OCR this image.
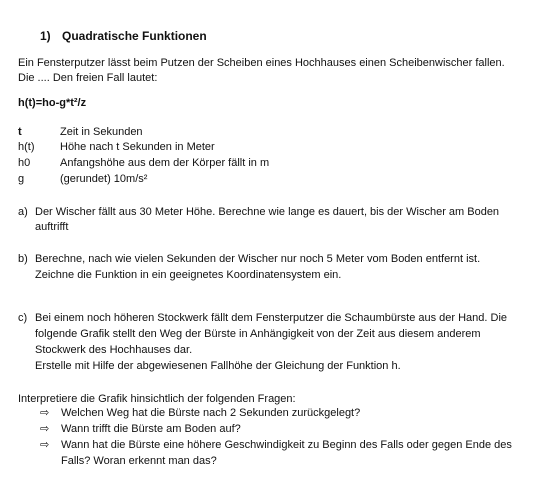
1) Quadratische Funktionen
Ein Fensterputzer lässt beim Putzen der Scheiben eines Hochhauses einen Scheibenwischer fallen.
Die .... Den freien Fall lautet:
h(t)=ho-g*t²/z
t	Zeit in Sekunden
h(t) Höhe nach t Sekunden in Meter
h0	Anfangshöhe aus dem der Körper fällt in m
g	(gerundet) 10m/s²
a) Der Wischer fällt aus 30 Meter Höhe. Berechne wie lange es dauert, bis der Wischer am Boden
auftrifft
b) Berechne, nach wie vielen Sekunden der Wischer nur noch 5 Meter vom Boden entfernt ist.
Zeichne die Funktion in ein geeignetes Koordinatensystem ein.
c) Bei einem noch höheren Stockwerk fällt dem Fensterputzer die Schaumbürste aus der Hand. Die
folgende Grafik stellt den Weg der Bürste in Anhängigkeit von der Zeit aus diesem anderem
Stockwerk des Hochhauses dar.
Erstelle mit Hilfe der abgewiesenen Fallhöhe der Gleichung der Funktion h.
Interpretiere die Grafik hinsichtlich der folgenden Fragen:
⇨ Welchen Weg hat die Bürste nach 2 Sekunden zurückgelegt?
⇨ Wann trifft die Bürste am Boden auf?
⇨ Wann hat die Bürste eine höhere Geschwindigkeit zu Beginn des Falls oder gegen Ende des
Falls? Woran erkennt man das?
